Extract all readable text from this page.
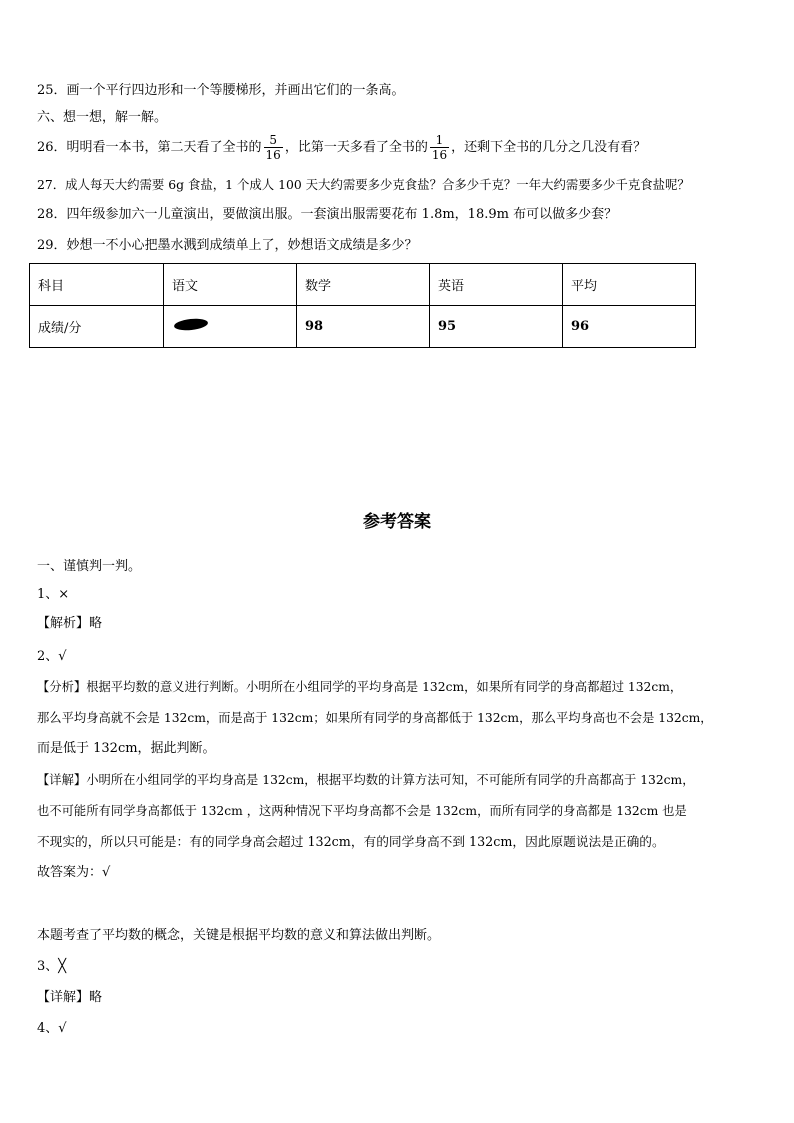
25．画一个平行四边形和一个等腰梯形，并画出它们的一条高。
六、想一想，解一解。
26．明明看一本书，第二天看了全书的 $\frac{5}{16}$ ，比第一天多看了全书的 $\frac{1}{16}$ ，还剩下全书的几分之几没有看？
27．成人每天大约需要 6g 食盐，1 个成人 100 天大约需要多少克食盐？合多少千克？一年大约需要多少千克食盐呢？
28．四年级参加六一儿童演出，要做演出服。一套演出服需要花布 1.8m，18.9m 布可以做多少套？
29．妙想一不小心把墨水溅到成绩单上了，妙想语文成绩是多少？
科目	语文	数学	英语	平均
成绩/分		98	95	96
参考答案
一、谨慎判一判。
1、×
【解析】略
2、√
【分析】根据平均数的意义进行判断。小明所在小组同学的平均身高是 132cm，如果所有同学的身高都超过 132cm，
那么平均身高就不会是 132cm，而是高于 132cm；如果所有同学的身高都低于 132cm，那么平均身高也不会是 132cm，
而是低于 132cm，据此判断。
【详解】小明所在小组同学的平均身高是 132cm，根据平均数的计算方法可知，不可能所有同学的升高都高于 132cm，
也不可能所有同学身高都低于 132cm ，这两种情况下平均身高都不会是 132cm，而所有同学的身高都是 132cm 也是
不现实的，所以只可能是：有的同学身高会超过 132cm，有的同学身高不到 132cm，因此原题说法是正确的。
故答案为：√
本题考查了平均数的概念，关键是根据平均数的意义和算法做出判断。
3、╳
【详解】略
4、√
